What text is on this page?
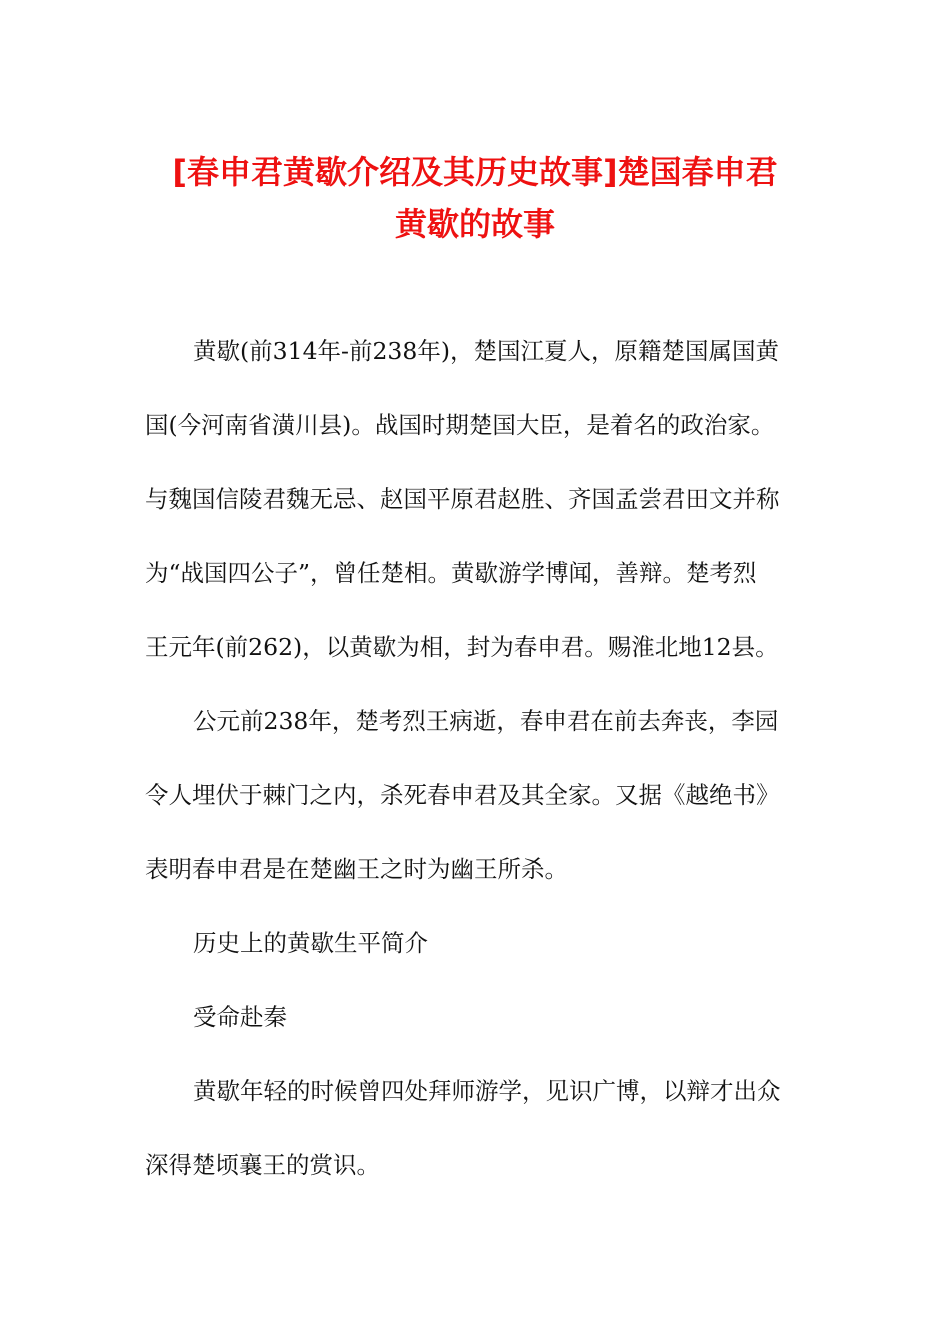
[春申君黄歇介绍及其历史故事]楚国春申君
黄歇的故事
黄歇(前314年-前238年)，楚国江夏人，原籍楚国属国黄
国(今河南省潢川县)。战国时期楚国大臣，是着名的政治家。
与魏国信陵君魏无忌、赵国平原君赵胜、齐国孟尝君田文并称
为“战国四公子”，曾任楚相。黄歇游学博闻，善辩。楚考烈
王元年(前262)，以黄歇为相，封为春申君。赐淮北地12县。
公元前238年，楚考烈王病逝，春申君在前去奔丧，李园
令人埋伏于棘门之内，杀死春申君及其全家。又据《越绝书》
表明春申君是在楚幽王之时为幽王所杀。
历史上的黄歇生平简介
受命赴秦
黄歇年轻的时候曾四处拜师游学，见识广博，以辩才出众
深得楚顷襄王的赏识。
